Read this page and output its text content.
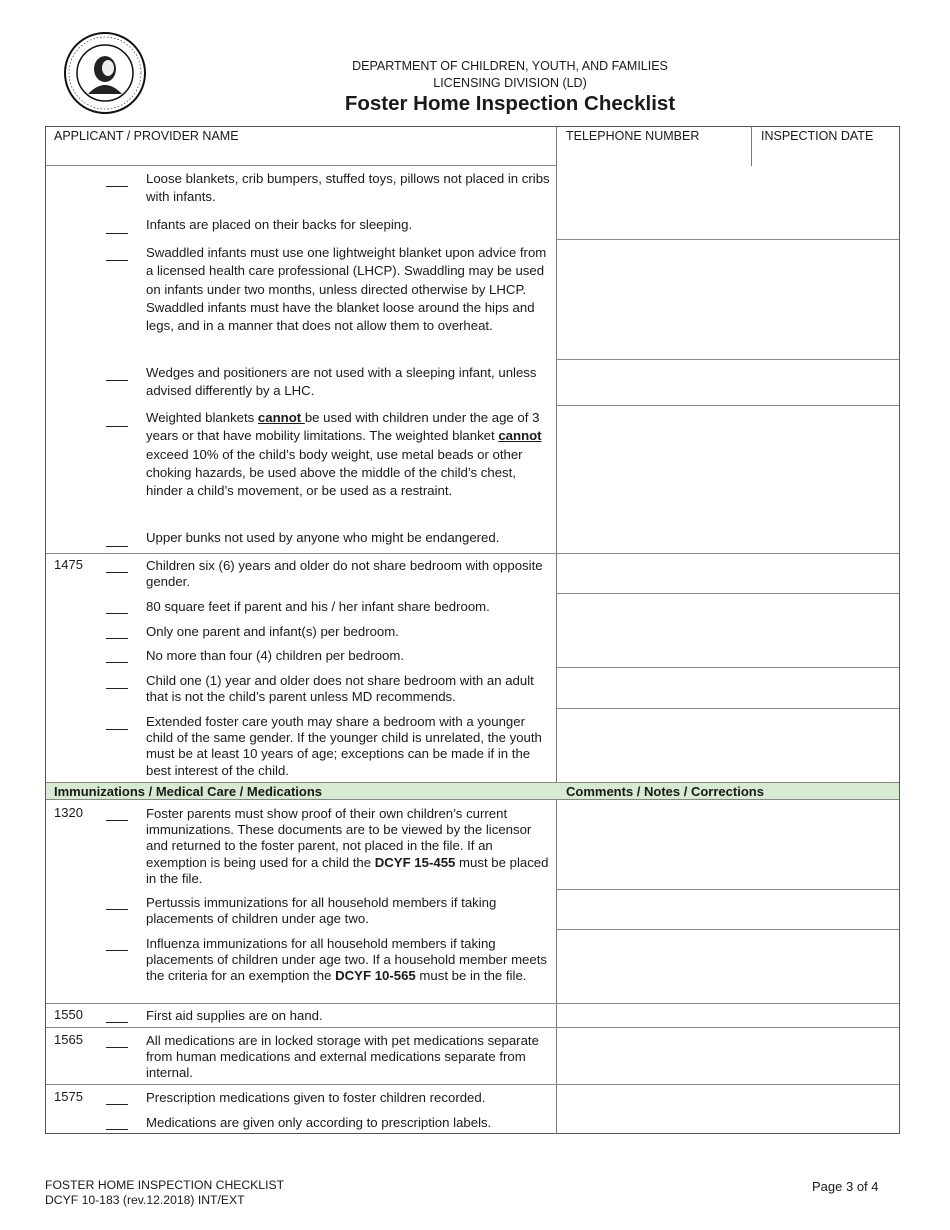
DEPARTMENT OF CHILDREN, YOUTH, AND FAMILIES
LICENSING DIVISION (LD)
Foster Home Inspection Checklist
APPLICANT / PROVIDER NAME	TELEPHONE NUMBER	INSPECTION DATE
Loose blankets, crib bumpers, stuffed toys, pillows not placed in cribs with infants.
Infants are placed on their backs for sleeping.
Swaddled infants must use one lightweight blanket upon advice from a licensed health care professional (LHCP). Swaddling may be used on infants under two months, unless directed otherwise by LHCP. Swaddled infants must have the blanket loose around the hips and legs, and in a manner that does not allow them to overheat.
Wedges and positioners are not used with a sleeping infant, unless advised differently by a LHC.
Weighted blankets cannot be used with children under the age of 3 years or that have mobility limitations. The weighted blanket cannot exceed 10% of the child’s body weight, use metal beads or other choking hazards, be used above the middle of the child’s chest, hinder a child’s movement, or be used as a restraint.
Upper bunks not used by anyone who might be endangered.
1475	Children six (6) years and older do not share bedroom with opposite gender.
80 square feet if parent and his / her infant share bedroom.
Only one parent and infant(s) per bedroom.
No more than four (4) children per bedroom.
Child one (1) year and older does not share bedroom with an adult that is not the child’s parent unless MD recommends.
Extended foster care youth may share a bedroom with a younger child of the same gender. If the younger child is unrelated, the youth must be at least 10 years of age; exceptions can be made if in the best interest of the child.
Immunizations / Medical Care / Medications	Comments / Notes / Corrections
1320	Foster parents must show proof of their own children’s current immunizations. These documents are to be viewed by the licensor and returned to the foster parent, not placed in the file. If an exemption is being used for a child the DCYF 15-455 must be placed in the file.
Pertussis immunizations for all household members if taking placements of children under age two.
Influenza immunizations for all household members if taking placements of children under age two. If a household member meets the criteria for an exemption the DCYF 10-565 must be in the file.
1550	First aid supplies are on hand.
1565	All medications are in locked storage with pet medications separate from human medications and external medications separate from internal.
1575	Prescription medications given to foster children recorded.
Medications are given only according to prescription labels.
FOSTER HOME INSPECTION CHECKLIST
DCYF 10-183 (rev.12.2018) INT/EXT
Page 3 of 4
